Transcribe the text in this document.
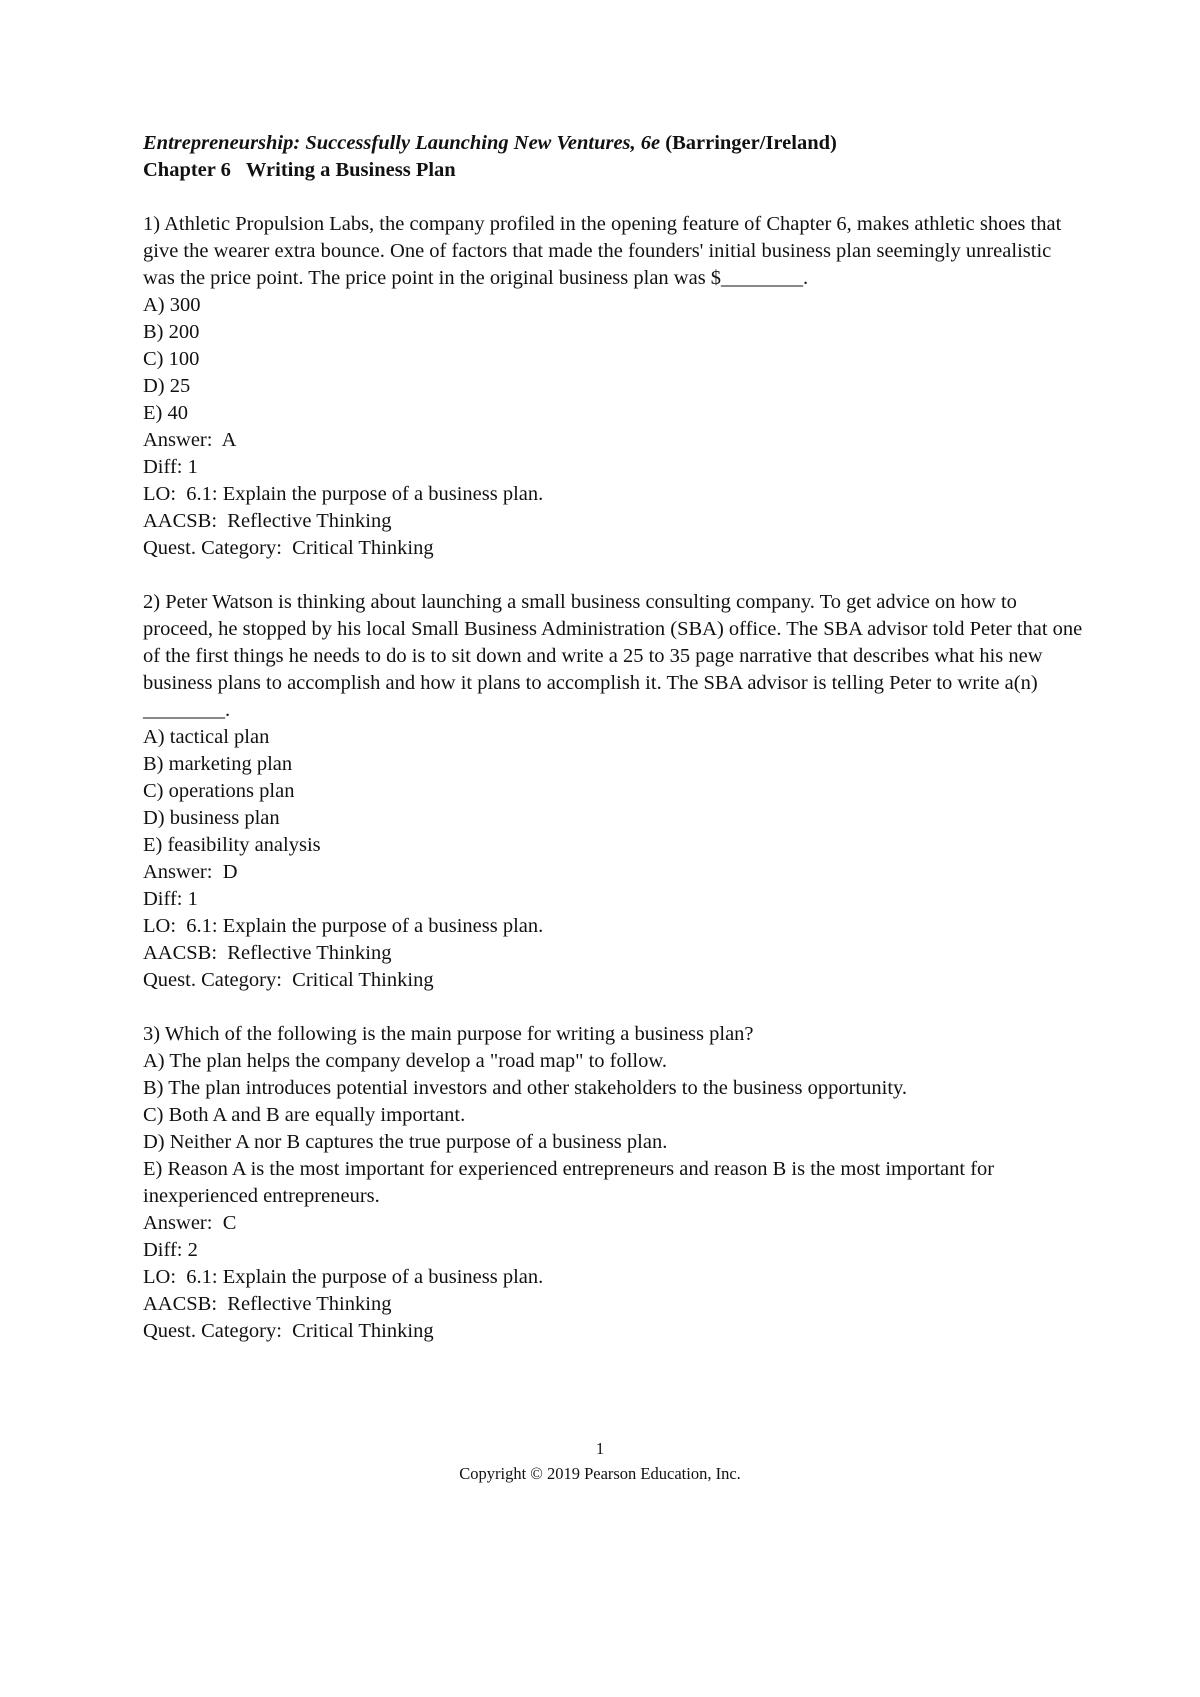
Entrepreneurship: Successfully Launching New Ventures, 6e (Barringer/Ireland)

Chapter 6   Writing a Business Plan

1) Athletic Propulsion Labs, the company profiled in the opening feature of Chapter 6, makes athletic shoes that give the wearer extra bounce. One of factors that made the founders' initial business plan seemingly unrealistic was the price point. The price point in the original business plan was $________.

A) 300

B) 200

C) 100

D) 25

E) 40

Answer:  A

Diff: 1

LO:  6.1: Explain the purpose of a business plan.

AACSB:  Reflective Thinking

Quest. Category:  Critical Thinking

2) Peter Watson is thinking about launching a small business consulting company. To get advice on how to proceed, he stopped by his local Small Business Administration (SBA) office. The SBA advisor told Peter that one of the first things he needs to do is to sit down and write a 25 to 35 page narrative that describes what his new business plans to accomplish and how it plans to accomplish it. The SBA advisor is telling Peter to write a(n) ________.

A) tactical plan

B) marketing plan

C) operations plan

D) business plan

E) feasibility analysis

Answer:  D

Diff: 1

LO:  6.1: Explain the purpose of a business plan.

AACSB:  Reflective Thinking

Quest. Category:  Critical Thinking

3) Which of the following is the main purpose for writing a business plan?

A) The plan helps the company develop a "road map" to follow.

B) The plan introduces potential investors and other stakeholders to the business opportunity.

C) Both A and B are equally important.

D) Neither A nor B captures the true purpose of a business plan.

E) Reason A is the most important for experienced entrepreneurs and reason B is the most important for inexperienced entrepreneurs.

Answer:  C

Diff: 2

LO:  6.1: Explain the purpose of a business plan.

AACSB:  Reflective Thinking

Quest. Category:  Critical Thinking

1
Copyright © 2019 Pearson Education, Inc.
